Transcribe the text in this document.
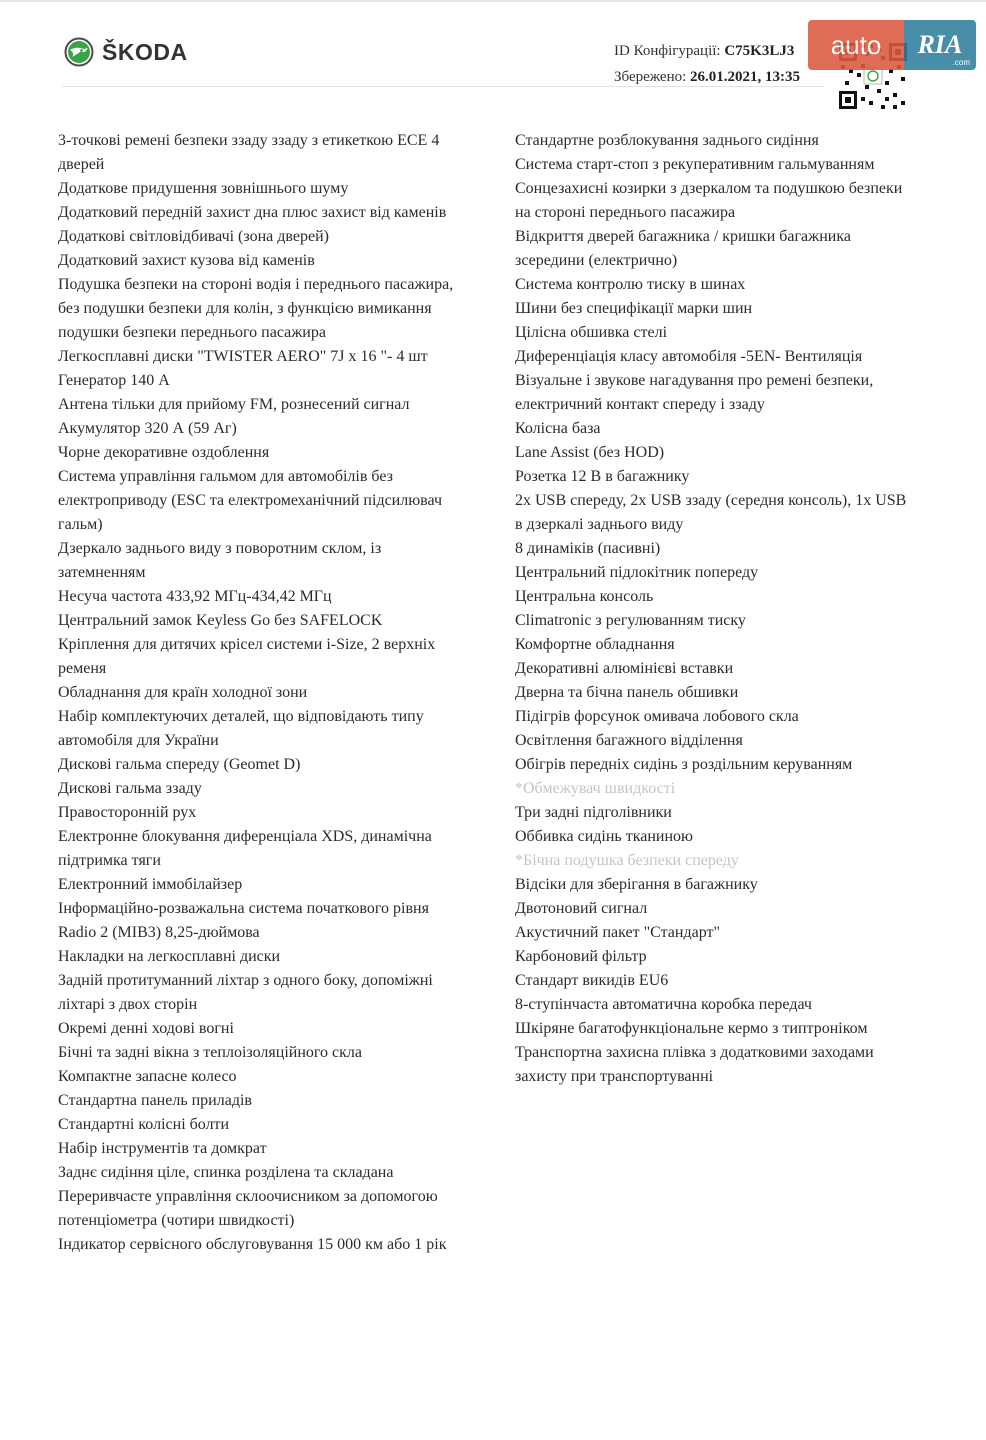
ŠKODA	ID Конфігурації: C75K3LJ3
Збережено: 26.01.2021, 13:35
auto	RIA
.com
3-точкові ремені безпеки ззаду ззаду з етикеткою ЕСЕ 4 дверей
Додаткове придушення зовнішнього шуму
Додатковий передній захист дна плюс захист від каменів
Додаткові світловідбивачі (зона дверей)
Додатковий захист кузова від каменів
Подушка безпеки на стороні водія і переднього пасажира, без подушки безпеки для колін, з функцією вимикання подушки безпеки переднього пасажира
Легкосплавні диски "TWISTER AERO" 7J x 16 "- 4 шт
Генератор 140 А
Антена тільки для прийому FM, рознесений сигнал
Акумулятор 320 А (59 Аг)
Чорне декоративне оздоблення
Система управління гальмом для автомобілів без електроприводу (ESC та електромеханічний підсилювач гальм)
Дзеркало заднього виду з поворотним склом, із затемненням
Несуча частота 433,92 МГц-434,42 МГц
Центральний замок Keyless Go без SAFELOCK
Кріплення для дитячих крісел системи i-Size, 2 верхніх ременя
Обладнання для країн холодної зони
Набір комплектуючих деталей, що відповідають типу автомобіля для України
Дискові гальма спереду (Geomet D)
Дискові гальма ззаду
Правосторонній рух
Електронне блокування диференціала XDS, динамічна підтримка тяги
Електронний іммобілайзер
Інформаційно-розважальна система початкового рівня Radio 2 (MIB3) 8,25-дюймова
Накладки на легкосплавні диски
Задній протитуманний ліхтар з одного боку, допоміжні ліхтарі з двох сторін
Окремі денні ходові вогні
Бічні та задні вікна з теплоізоляційного скла
Компактне запасне колесо
Стандартна панель приладів
Стандартні колісні болти
Набір інструментів та домкрат
Заднє сидіння ціле, спинка розділена та складана
Переривчасте управління склоочисником за допомогою потенціометра (чотири швидкості)
Індикатор сервісного обслуговування 15 000 км або 1 рік
Стандартне розблокування заднього сидіння
Система старт-стоп з рекуперативним гальмуванням
Сонцезахисні козирки з дзеркалом та подушкою безпеки на стороні переднього пасажира
Відкриття дверей багажника / кришки багажника зсередини (електрично)
Система контролю тиску в шинах
Шини без специфікації марки шин
Цілісна обшивка стелі
Диференціація класу автомобіля -5EN- Вентиляція
Візуальне і звукове нагадування про ремені безпеки, електричний контакт спереду і ззаду
Колісна база
Lane Assist (без HOD)
Розетка 12 В в багажнику
2x USB спереду, 2x USB ззаду (середня консоль), 1x USB в дзеркалі заднього виду
8 динаміків (пасивні)
Центральний підлокітник попереду
Центральна консоль
Climatronic з регулюванням тиску
Комфортне обладнання
Декоративні алюмінієві вставки
Дверна та бічна панель обшивки
Підігрів форсунок омивача лобового скла
Освітлення багажного відділення
Обігрів передніх сидінь з роздільним керуванням
*Обмежувач швидкості
Три задні підголівники
Оббивка сидінь тканиною
*Бічна подушка безпеки спереду
Відсіки для зберігання в багажнику
Двотоновий сигнал
Акустичний пакет "Стандарт"
Карбоновий фільтр
Стандарт викидів EU6
8-ступінчаста автоматична коробка передач
Шкіряне багатофункціональне кермо з типтроніком
Транспортна захисна плівка з додатковими заходами захисту при транспортуванні
